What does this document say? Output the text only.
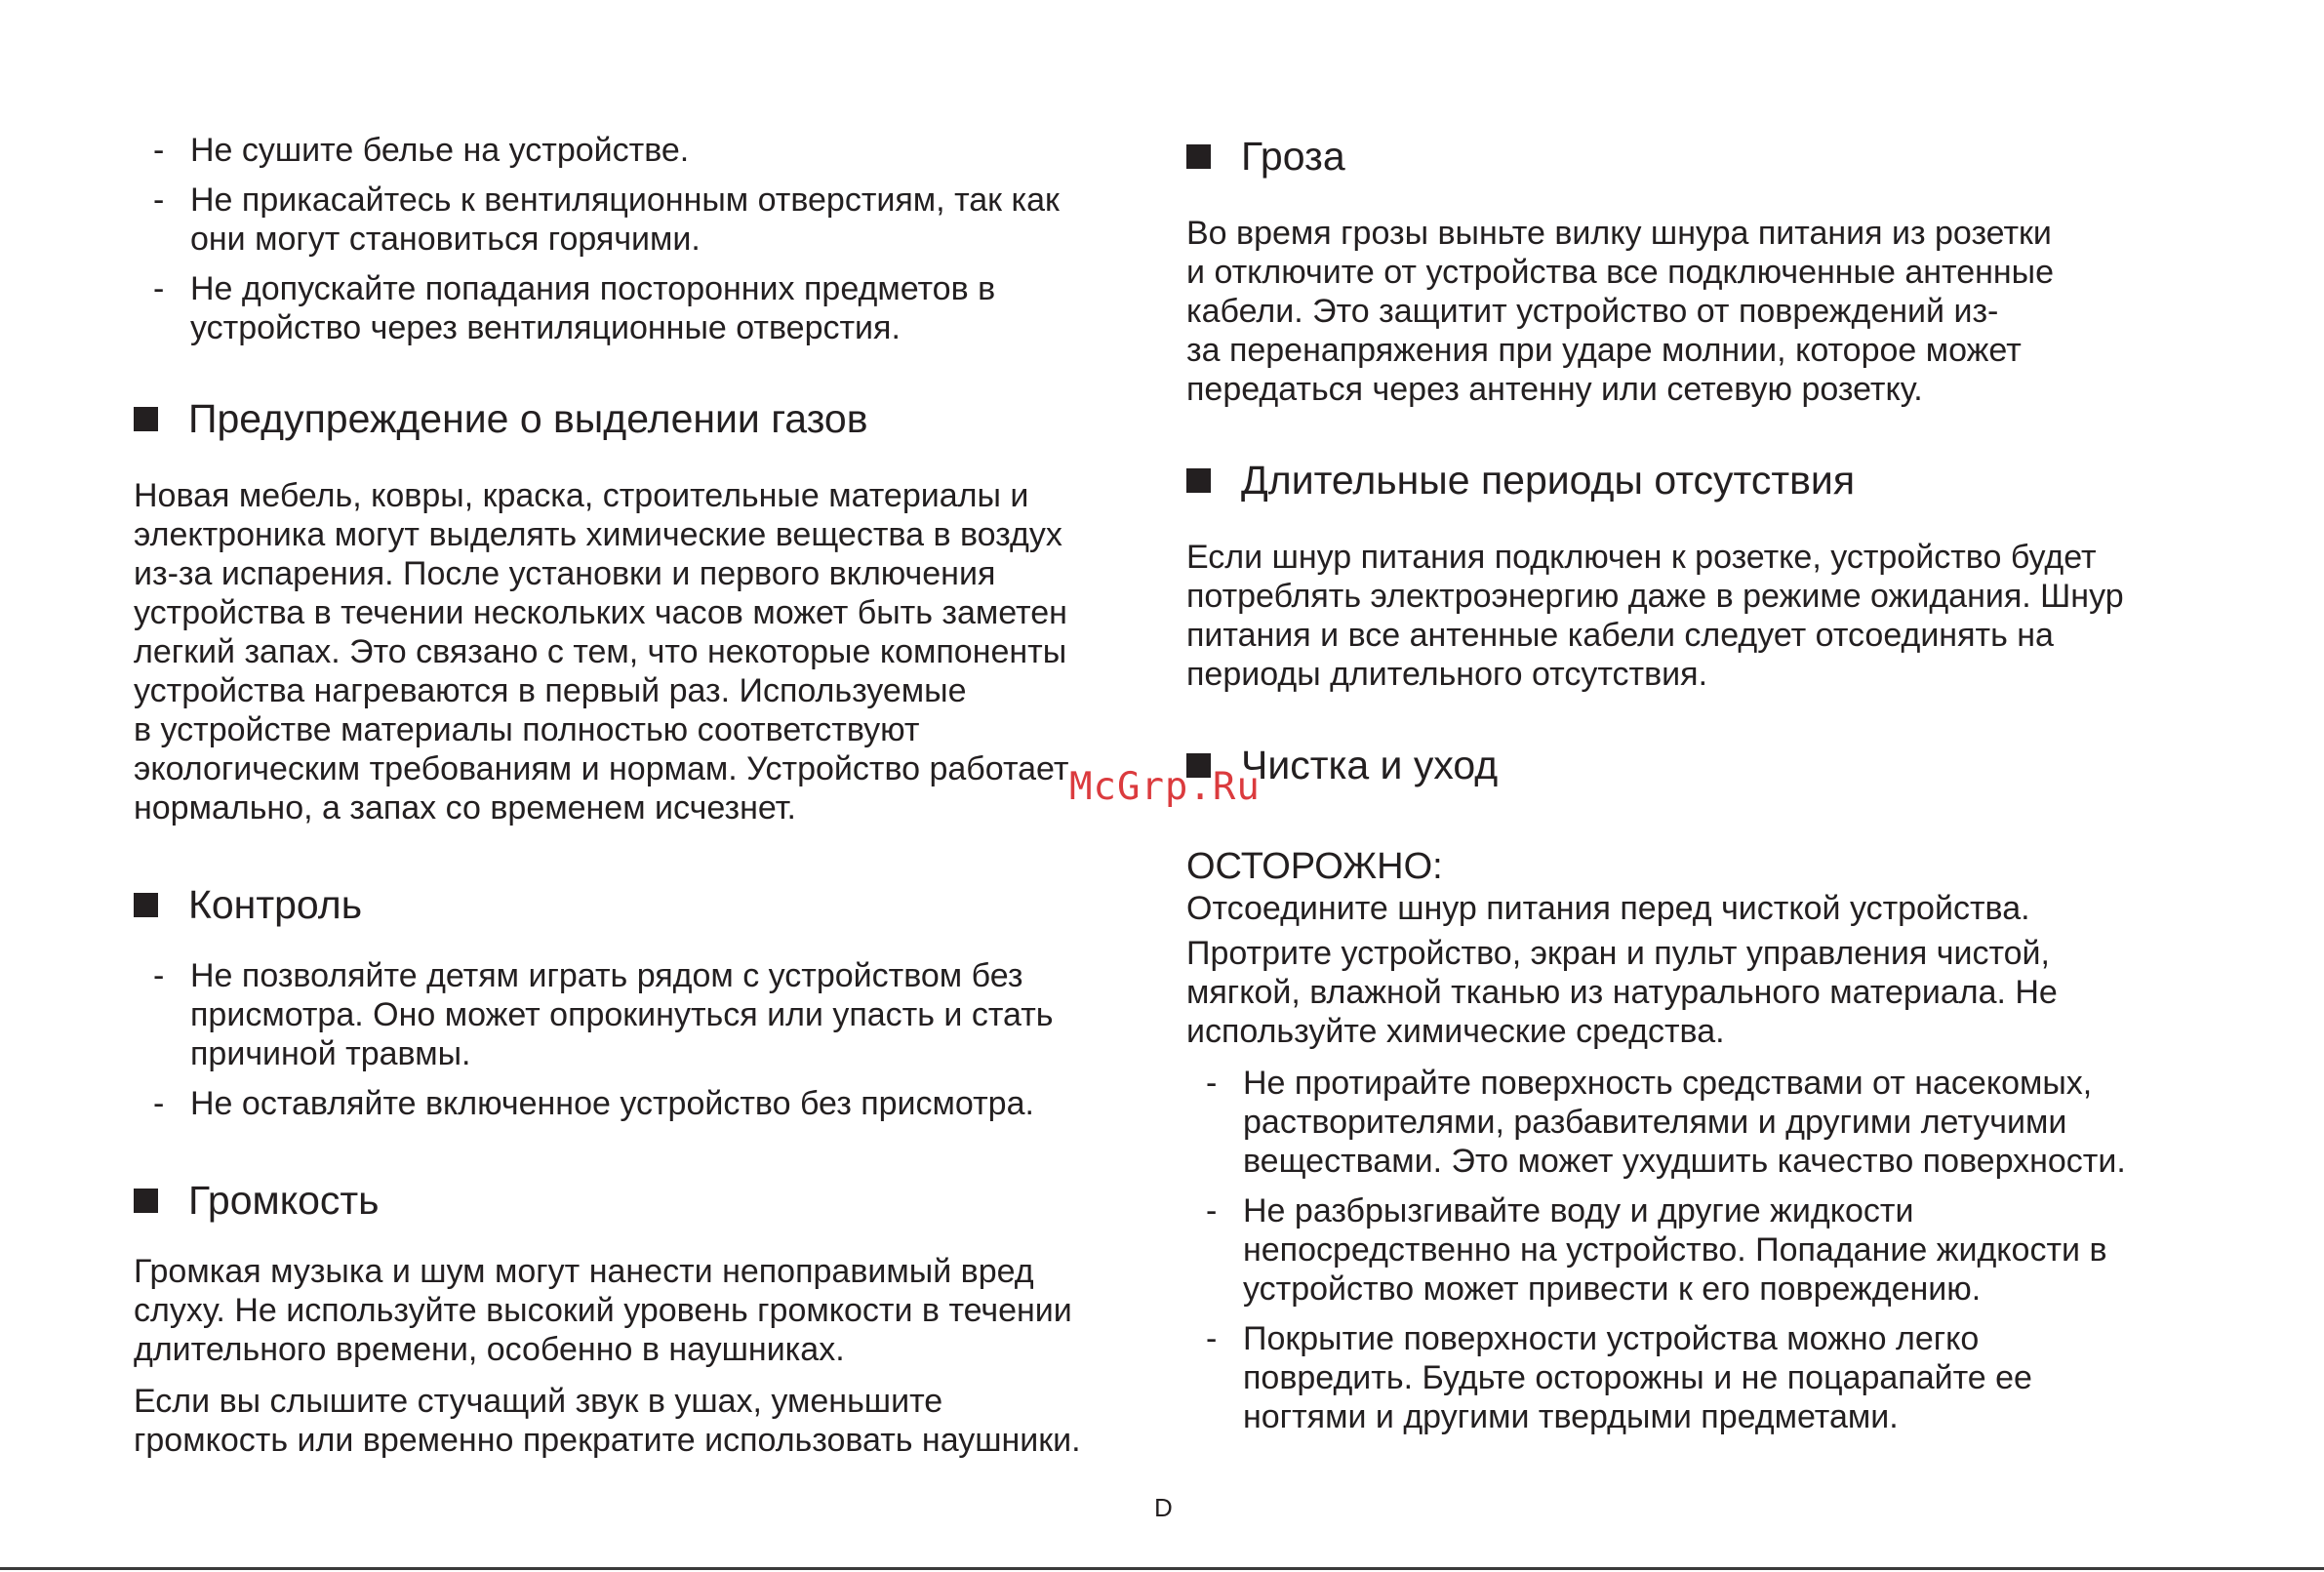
- Не сушите белье на устройстве.
- Не прикасайтесь к вентиляционным отверстиям, так как
они могут становиться горячими.
- Не допускайте попадания посторонних предметов в
устройство через вентиляционные отверстия.
Предупреждение о выделении газов

Новая мебель, ковры, краска, строительные материалы и
электроника могут выделять химические вещества в воздух
из-за испарения. После установки и первого включения
устройства в течении нескольких часов может быть заметен
легкий запах. Это связано с тем, что некоторые компоненты
устройства нагреваются в первый раз. Используемые
в устройстве материалы полностью соответствуют
экологическим требованиям и нормам. Устройство работает
нормально, а запах со временем исчезнет.

Контроль
- Не позволяйте детям играть рядом с устройством без
присмотра. Оно может опрокинуться или упасть и стать
причиной травмы.
- Не оставляйте включенное устройство без присмотра.
Громкость

Громкая музыка и шум могут нанести непоправимый вред
слуху. Не используйте высокий уровень громкости в течении
длительного времени, особенно в наушниках.

Если вы слышите стучащий звук в ушах, уменьшите
громкость или временно прекратите использовать наушники.

Гроза

Во время грозы выньте вилку шнура питания из розетки
и отключите от устройства все подключенные антенные
кабели. Это защитит устройство от повреждений из-
за перенапряжения при ударе молнии, которое может
передаться через антенну или сетевую розетку.

Длительные периоды отсутствия

Если шнур питания подключен к розетке, устройство будет
потреблять электроэнергию даже в режиме ожидания. Шнур
питания и все антенные кабели следует отсоединять на
периоды длительного отсутствия.

Чистка и уход
ОСТОРОЖНО:

Отсоедините шнур питания перед чисткой устройства.

Протрите устройство, экран и пульт управления чистой,
мягкой, влажной тканью из натурального материала. Не
используйте химические средства.

- Не протирайте поверхность средствами от насекомых,
растворителями, разбавителями и другими летучими
веществами. Это может ухудшить качество поверхности.
- Не разбрызгивайте воду и другие жидкости
непосредственно на устройство. Попадание жидкости в
устройство может привести к его повреждению.
- Покрытие поверхности устройства можно легко
повредить. Будьте осторожны и не поцарапайте ее
ногтями и другими твердыми предметами.
McGrp.Ru
D
